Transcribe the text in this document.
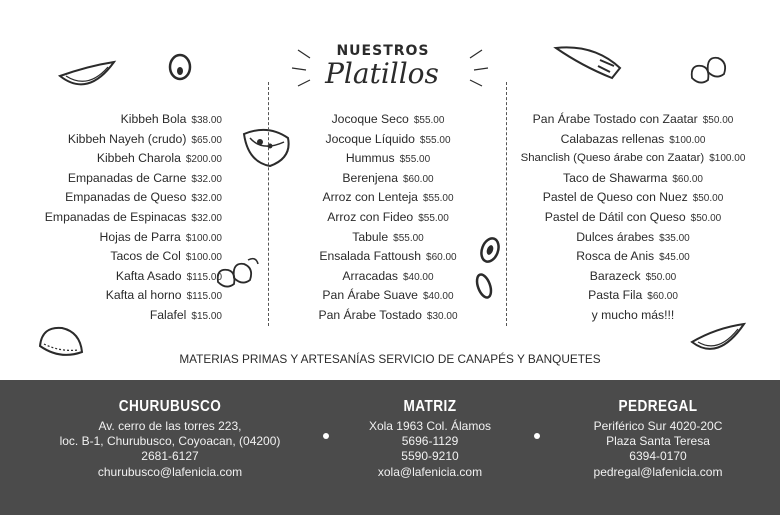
NUESTROS
Platillos
Kibbeh Bola $38.00
Kibbeh Nayeh (crudo) $65.00
Kibbeh Charola $200.00
Empanadas de Carne $32.00
Empanadas de Queso $32.00
Empanadas de Espinacas $32.00
Hojas de Parra $100.00
Tacos de Col $100.00
Kafta Asado $115.00
Kafta al horno $115.00
Falafel $15.00
Jocoque Seco $55.00
Jocoque Líquido $55.00
Hummus $55.00
Berenjena $60.00
Arroz con Lenteja $55.00
Arroz con Fideo $55.00
Tabule $55.00
Ensalada Fattoush $60.00
Arracadas $40.00
Pan Árabe Suave $40.00
Pan Árabe Tostado $30.00
Pan Árabe Tostado con Zaatar $50.00
Calabazas rellenas $100.00
Shanclish (Queso árabe con Zaatar) $100.00
Taco de Shawarma $60.00
Pastel de Queso con Nuez $50.00
Pastel de Dátil con Queso $50.00
Dulces árabes $35.00
Rosca de Anis $45.00
Barazeck $50.00
Pasta Fila $60.00
y mucho más!!!
MATERIAS PRIMAS Y ARTESANÍAS SERVICIO DE CANAPÉS Y BANQUETES
CHURUBUSCO
Av. cerro de las torres 223,
loc. B-1, Churubusco, Coyoacan, (04200)
2681-6127
churubusco@lafenicia.com
MATRIZ
Xola 1963 Col. Álamos
5696-1129
5590-9210
xola@lafenicia.com
PEDREGAL
Periférico Sur 4020-20C
Plaza Santa Teresa
6394-0170
pedregal@lafenicia.com
